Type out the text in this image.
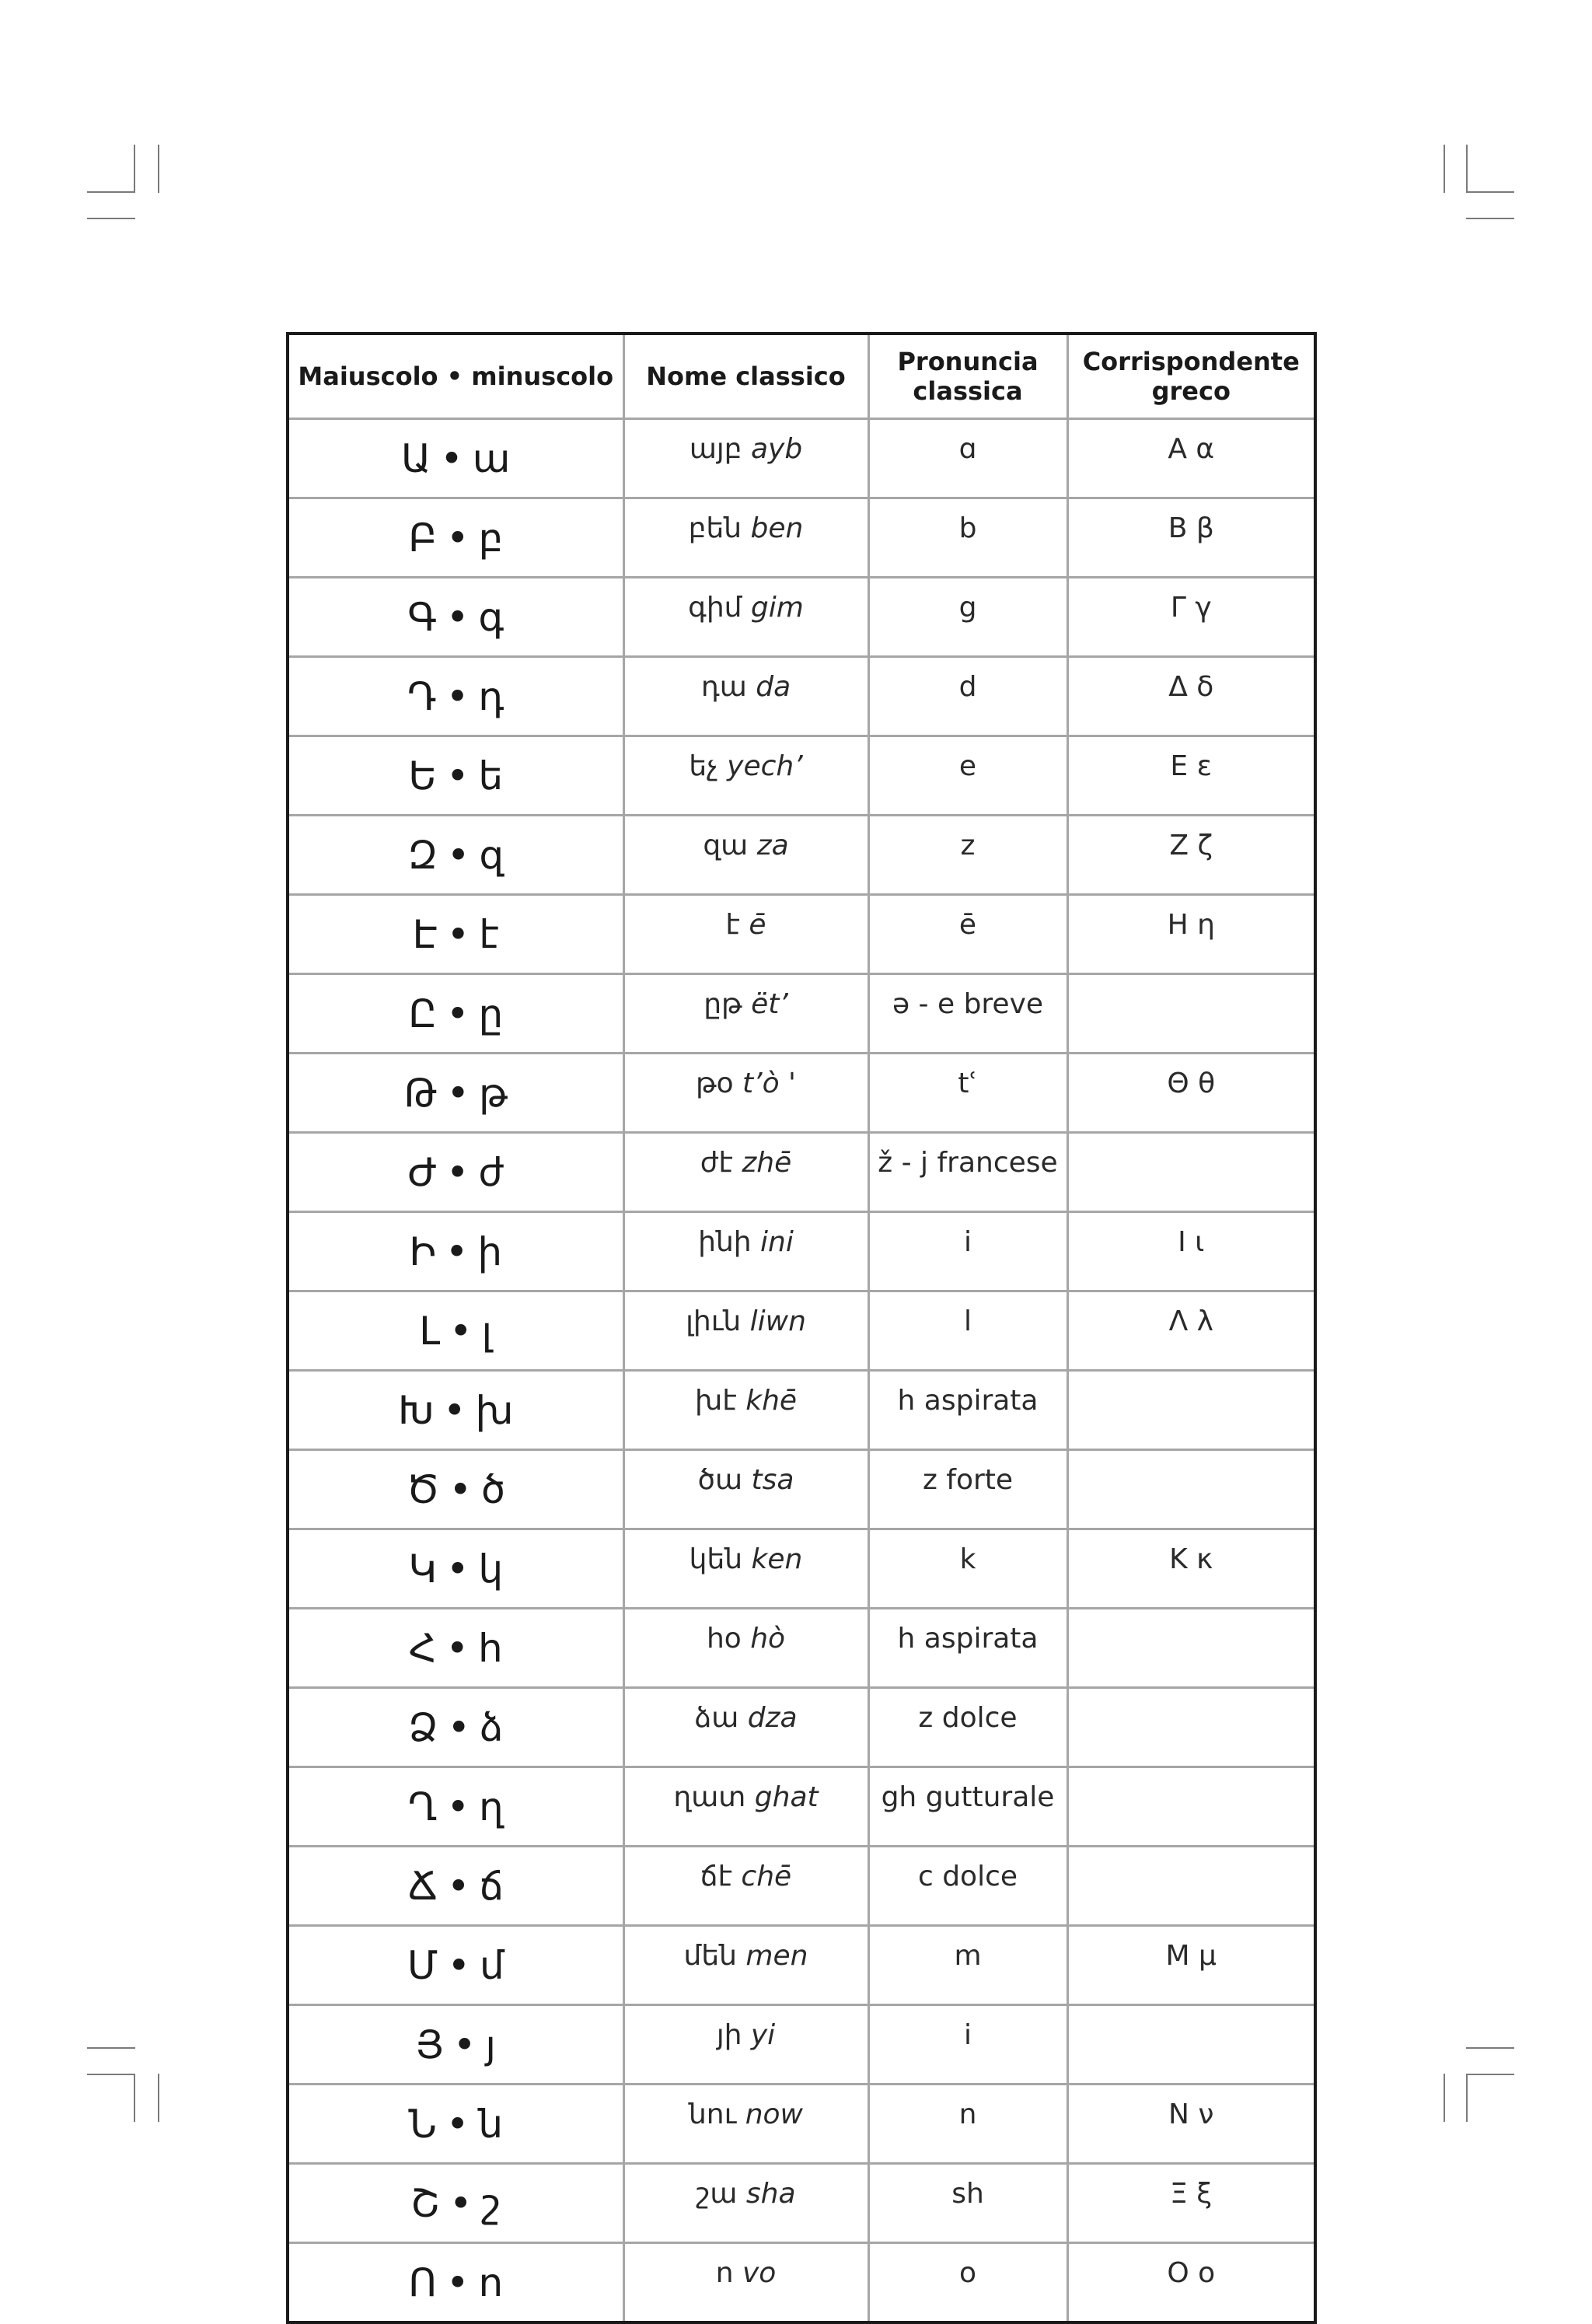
Maiuscolo • minuscolo	Nome classico	Pronuncia classica	Corrispondente greco
Ա • ա	այբ ayb	ɑ	Α α
Բ • բ	բեն ben	b	Β β
Գ • գ	գիմ gim	g	Γ γ
Դ • դ	դա da	d	Δ δ
Ե • ե	եչ yech’	e	Ε ε
Զ • զ	զա za	z	Ζ ζ
Է • է	է ē	ē	Η η
Ը • ը	ըթ ët’	ə - e breve	
Թ • թ	թօ t’ò '	tʿ	Θ θ
Ժ • ժ	ժէ zhē	ž - j francese	
Ի • ի	ինի ini	i	Ι ι
Լ • լ	լիւն liwn	l	Λ λ
Խ • խ	խէ khē	h aspirata	
Ծ • ծ	ծա tsa	z forte	
Կ • կ	կեն ken	k	Κ κ
Հ • հ	հօ hò	h aspirata	
Ձ • ձ	ձա dza	z dolce	
Ղ • ղ	ղատ ghat	gh gutturale	
Ճ • ճ	ճէ chē	c dolce	
Մ • մ	մեն men	m	Μ μ
Յ • յ	յի yi	i	
Ն • ն	նու now	n	Ν ν
Շ • շ	շա sha	sh	Ξ ξ
Ո • ո	ո vo	o	Ο ο
